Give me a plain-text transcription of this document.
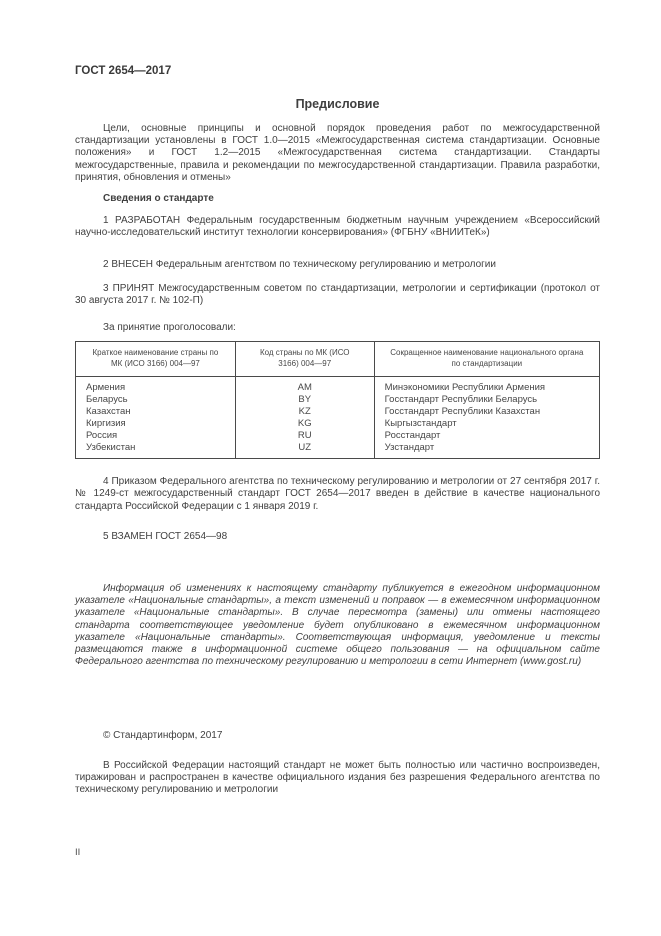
ГОСТ 2654—2017
Предисловие

Цели, основные принципы и основной порядок проведения работ по межгосударственной стандартизации установлены в ГОСТ 1.0—2015 «Межгосударственная система стандартизации. Основные положения» и ГОСТ 1.2—2015 «Межгосударственная система стандартизации. Стандарты межгосударственные, правила и рекомендации по межгосударственной стандартизации. Правила разработки, принятия, обновления и отмены»

Сведения о стандарте

1 РАЗРАБОТАН Федеральным государственным бюджетным научным учреждением «Всероссийский научно-исследовательский институт технологии консервирования» (ФГБНУ «ВНИИТеК»)

2 ВНЕСЕН Федеральным агентством по техническому регулированию и метрологии

3 ПРИНЯТ Межгосударственным советом по стандартизации, метрологии и сертификации (протокол от 30 августа 2017 г. № 102-П)

За принятие проголосовали:

Краткое наименование страны по МК (ИСО 3166) 004—97	Код страны по МК (ИСО 3166) 004—97	Сокращенное наименование национального органа по стандартизации
Армения	AM	Минэкономики Республики Армения
Беларусь	BY	Госстандарт Республики Беларусь
Казахстан	KZ	Госстандарт Республики Казахстан
Киргизия	KG	Кыргызстандарт
Россия	RU	Росстандарт
Узбекистан	UZ	Узстандарт

4 Приказом Федерального агентства по техническому регулированию и метрологии от 27 сентября 2017 г. № 1249-ст межгосударственный стандарт ГОСТ 2654—2017 введен в действие в качестве национального стандарта Российской Федерации с 1 января 2019 г.

5 ВЗАМЕН ГОСТ 2654—98

Информация об изменениях к настоящему стандарту публикуется в ежегодном информационном указателе «Национальные стандарты», а текст изменений и поправок — в ежемесячном информационном указателе «Национальные стандарты». В случае пересмотра (замены) или отмены настоящего стандарта соответствующее уведомление будет опубликовано в ежемесячном информационном указателе «Национальные стандарты». Соответствующая информация, уведомление и тексты размещаются также в информационной системе общего пользования — на официальном сайте Федерального агентства по техническому регулированию и метрологии в сети Интернет (www.gost.ru)

© Стандартинформ, 2017

В Российской Федерации настоящий стандарт не может быть полностью или частично воспроизведен, тиражирован и распространен в качестве официального издания без разрешения Федерального агентства по техническому регулированию и метрологии

II
